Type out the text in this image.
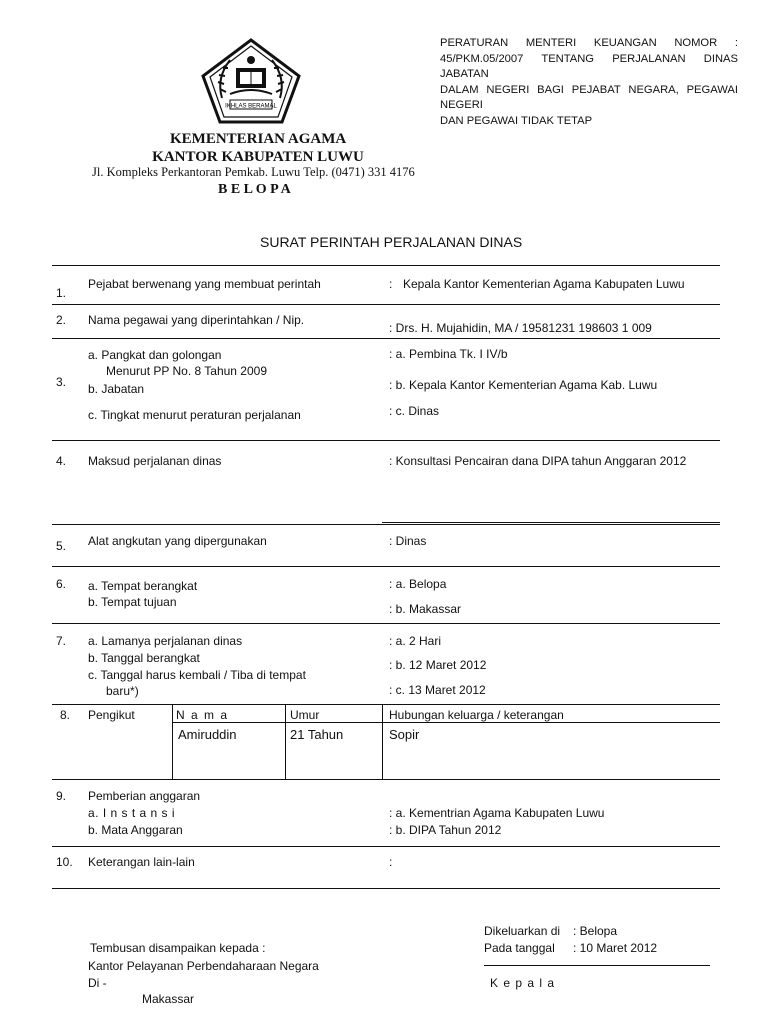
PERATURAN MENTERI KEUANGAN NOMOR :
45/PKM.05/2007 TENTANG PERJALANAN DINAS JABATAN
DALAM NEGERI BAGI PEJABAT NEGARA, PEGAWAI NEGERI
DAN PEGAWAI TIDAK TETAP
IKHLAS BERAMAL
KEMENTERIAN AGAMA
KANTOR KABUPATEN LUWU
Jl. Kompleks Perkantoran Pemkab. Luwu Telp. (0471) 331 4176
B E L O P A
SURAT PERINTAH PERJALANAN DINAS
1.
Pejabat berwenang yang membuat perintah	: Kepala Kantor Kementerian Agama Kabupaten Luwu
2. Nama pegawai yang diperintahkan / Nip.
: Drs. H. Mujahidin, MA / 19581231 198603 1 009
3.
a. Pangkat dan golongan
Menurut PP No. 8 Tahun 2009
b. Jabatan
c. Tingkat menurut peraturan perjalanan
: a. Pembina Tk. I IV/b
: b. Kepala Kantor Kementerian Agama Kab. Luwu
: c. Dinas
4. Maksud perjalanan dinas	: Konsultasi Pencairan dana DIPA tahun Anggaran 2012
5. Alat angkutan yang dipergunakan	: Dinas
6. a. Tempat berangkat
b. Tempat tujuan
: a. Belopa
: b. Makassar
7. a. Lamanya perjalanan dinas
b. Tanggal berangkat
c. Tanggal harus kembali / Tiba di tempat
baru*)
: a. 2 Hari
: b. 12 Maret 2012
: c. 13 Maret 2012
8. Pengikut	N a m a	Umur	Hubungan keluarga / keterangan
Amiruddin	21 Tahun	Sopir
9. Pemberian anggaran
a. I n s t a n s i
b. Mata Anggaran
: a. Kementrian Agama Kabupaten Luwu
: b. DIPA Tahun 2012
10. Keterangan lain-lain	:
Tembusan disampaikan kepada :
Kantor Pelayanan Perbendaharaan Negara
Di -
Makassar
Dikeluarkan di : Belopa
Pada tanggal : 10 Maret 2012
K e p a l a
